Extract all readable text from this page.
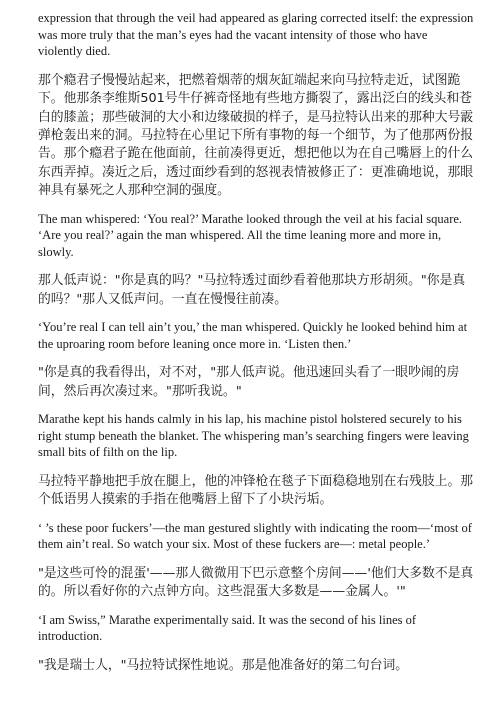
expression that through the veil had appeared as glaring corrected itself: the expression was more truly that the man’s eyes had the vacant intensity of those who have violently died.

那个瘾君子慢慢站起来，把燃着烟蒂的烟灰缸端起来向马拉特走近，试图跪下。他那条李维斯501号牛仔裤奇怪地有些地方撕裂了，露出泛白的线头和苍白的膝盖；那些破洞的大小和边缘破损的样子，是马拉特认出来的那种大号霰弹枪轰出来的洞。马拉特在心里记下所有事物的每一个细节，为了他那两份报告。那个瘾君子跪在他面前，往前凑得更近，想把他以为在自己嘴唇上的什么东西弄掉。凑近之后，透过面纱看到的怒视表情被修正了：更准确地说，那眼神具有暴死之人那种空洞的强度。

The man whispered: ‘You real?’ Marathe looked through the veil at his facial square. ‘Are you real?’ again the man whispered. All the time leaning more and more in, slowly.

那人低声说："你是真的吗？"马拉特透过面纱看着他那块方形胡须。"你是真的吗？"那人又低声问。一直在慢慢往前凑。

‘You’re real I can tell ain’t you,’ the man whispered. Quickly he looked behind him at the uproaring room before leaning once more in. ‘Listen then.’

"你是真的我看得出，对不对，"那人低声说。他迅速回头看了一眼吵闹的房间，然后再次凑过来。"那听我说。"

Marathe kept his hands calmly in his lap, his machine pistol holstered securely to his right stump beneath the blanket. The whispering man’s searching fingers were leaving small bits of filth on the lip.

马拉特平静地把手放在腿上，他的冲锋枪在毯子下面稳稳地别在右残肢上。那个低语男人摸索的手指在他嘴唇上留下了小块污垢。

‘ ’s these poor fuckers’—the man gestured slightly with indicating the room—‘most of them ain’t real. So watch your six. Most of these fuckers are—: metal people.’

"是这些可怜的混蛋'——那人微微用下巴示意整个房间——'他们大多数不是真的。所以看好你的六点钟方向。这些混蛋大多数是——金属人。'"

‘I am Swiss,” Marathe experimentally said. It was the second of his lines of introduction.

"我是瑞士人，"马拉特试探性地说。那是他准备好的第二句台词。
